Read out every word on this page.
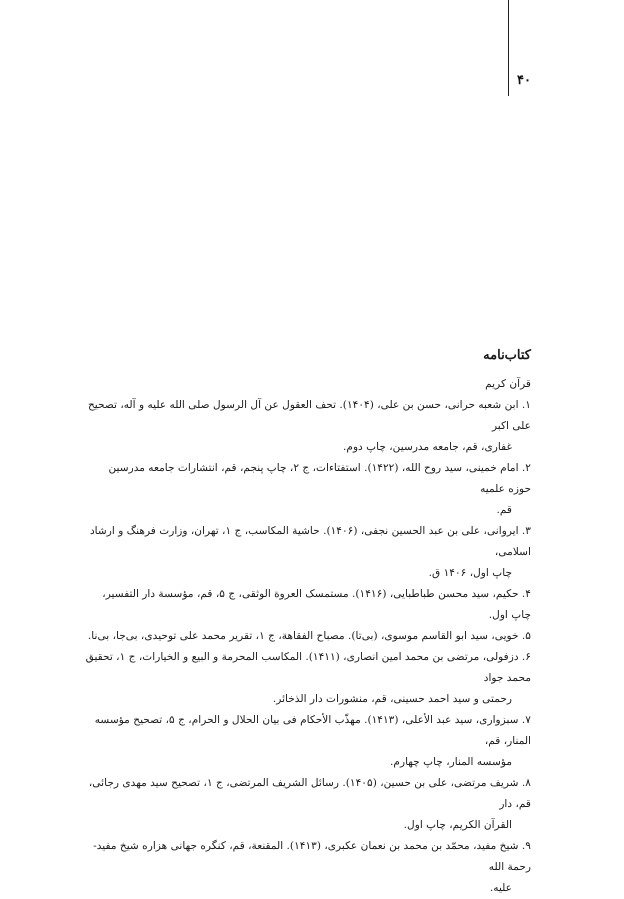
۴۰
کتاب‌نامه
قرآن کریم
۱. ابن شعبه حرانی، حسن بن علی، (۱۴۰۴). تحف العقول عن آل الرسول صلی الله علیه و آله، تصحیح علی اکبر
غفاری، قم، جامعه مدرسین، چاپ دوم.
۲. امام خمینی، سید روح الله، (۱۴۲۲). استفتاءات، ج ۲، چاپ پنجم، قم، انتشارات جامعه مدرسین حوزه علمیه
قم.
۳. ایروانی، علی بن عبد الحسین نجفی، (۱۴۰۶). حاشیة المکاسب، ج ۱، تهران، وزارت فرهنگ و ارشاد اسلامی،
چاپ اول، ۱۴۰۶ ق.
۴. حکیم، سید محسن طباطبایی، (۱۴۱۶). مستمسک العروة الوثقی، ج ۵، قم، مؤسسة دار التفسیر، چاپ اول.
۵. خویی، سید ابو القاسم موسوی، (بی‌تا). مصباح الفقاهة، ج ۱، تقریر محمد علی توحیدی، بی‌جا، بی‌نا.
۶. دزفولی، مرتضی بن محمد امین انصاری، (۱۴۱۱). المکاسب المحرمة و البیع و الخیارات، ج ۱، تحقیق محمد جواد
رحمتی و سید احمد حسینی، قم، منشورات دار الذخائر.
۷. سبزواری، سید عبد الأعلی، (۱۴۱۳). مهذّب الأحکام فی بیان الحلال و الحرام، ج ۵، تصحیح مؤسسه المنار، قم،
مؤسسه المنار، چاپ چهارم.
۸. شریف مرتضی، علی بن حسین، (۱۴۰۵). رسائل الشریف المرتضی، ج ۱، تصحیح سید مهدی رجائی، قم، دار
القرآن الکریم، چاپ اول.
۹. شیخ مفید، محمّد بن محمد بن نعمان عکبری، (۱۴۱۳). المقنعة، قم، کنگره جهانی هزاره شیخ مفید- رحمة الله
علیه.
